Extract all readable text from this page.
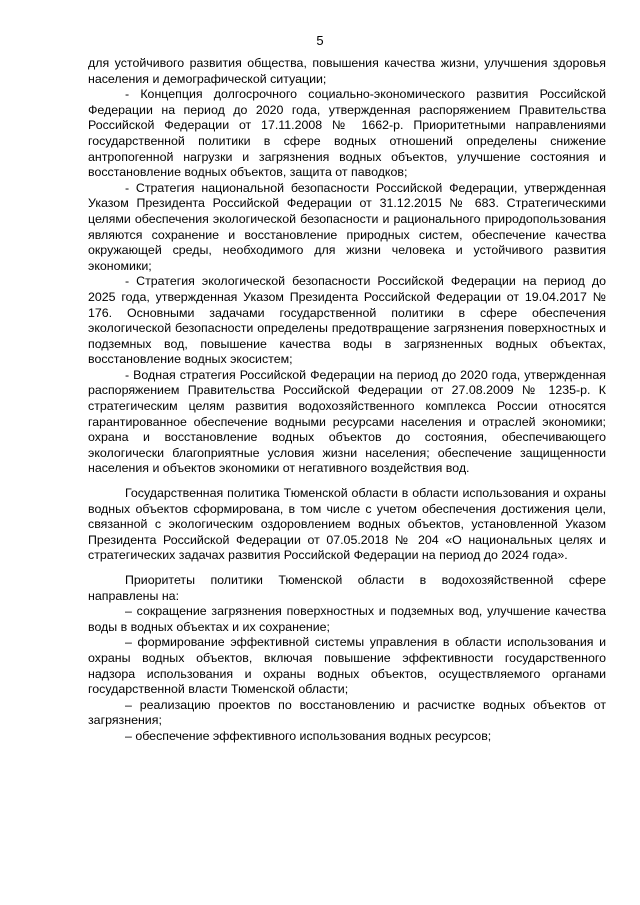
5

для устойчивого развития общества, повышения качества жизни, улучшения здоровья населения и демографической ситуации;

- Концепция долгосрочного социально-экономического развития Российской Федерации на период до 2020 года, утвержденная распоряжением Правительства Российской Федерации от 17.11.2008 № 1662-р. Приоритетными направлениями государственной политики в сфере водных отношений определены снижение антропогенной нагрузки и загрязнения водных объектов, улучшение состояния и восстановление водных объектов, защита от паводков;

- Стратегия национальной безопасности Российской Федерации, утвержденная Указом Президента Российской Федерации от 31.12.2015 № 683. Стратегическими целями обеспечения экологической безопасности и рационального природопользования являются сохранение и восстановление природных систем, обеспечение качества окружающей среды, необходимого для жизни человека и устойчивого развития экономики;

- Стратегия экологической безопасности Российской Федерации на период до 2025 года, утвержденная Указом Президента Российской Федерации от 19.04.2017 № 176. Основными задачами государственной политики в сфере обеспечения экологической безопасности определены предотвращение загрязнения поверхностных и подземных вод, повышение качества воды в загрязненных водных объектах, восстановление водных экосистем;

- Водная стратегия Российской Федерации на период до 2020 года, утвержденная распоряжением Правительства Российской Федерации от 27.08.2009 № 1235-р. К стратегическим целям развития водохозяйственного комплекса России относятся гарантированное обеспечение водными ресурсами населения и отраслей экономики; охрана и восстановление водных объектов до состояния, обеспечивающего экологически благоприятные условия жизни населения; обеспечение защищенности населения и объектов экономики от негативного воздействия вод.

Государственная политика Тюменской области в области использования и охраны водных объектов сформирована, в том числе с учетом обеспечения достижения цели, связанной с экологическим оздоровлением водных объектов, установленной Указом Президента Российской Федерации от 07.05.2018 № 204 «О национальных целях и стратегических задачах развития Российской Федерации на период до 2024 года».

Приоритеты политики Тюменской области в водохозяйственной сфере направлены на:

– сокращение загрязнения поверхностных и подземных вод, улучшение качества воды в водных объектах и их сохранение;

– формирование эффективной системы управления в области использования и охраны водных объектов, включая повышение эффективности государственного надзора использования и охраны водных объектов, осуществляемого органами государственной власти Тюменской области;

– реализацию проектов по восстановлению и расчистке водных объектов от загрязнения;

– обеспечение эффективного использования водных ресурсов;
